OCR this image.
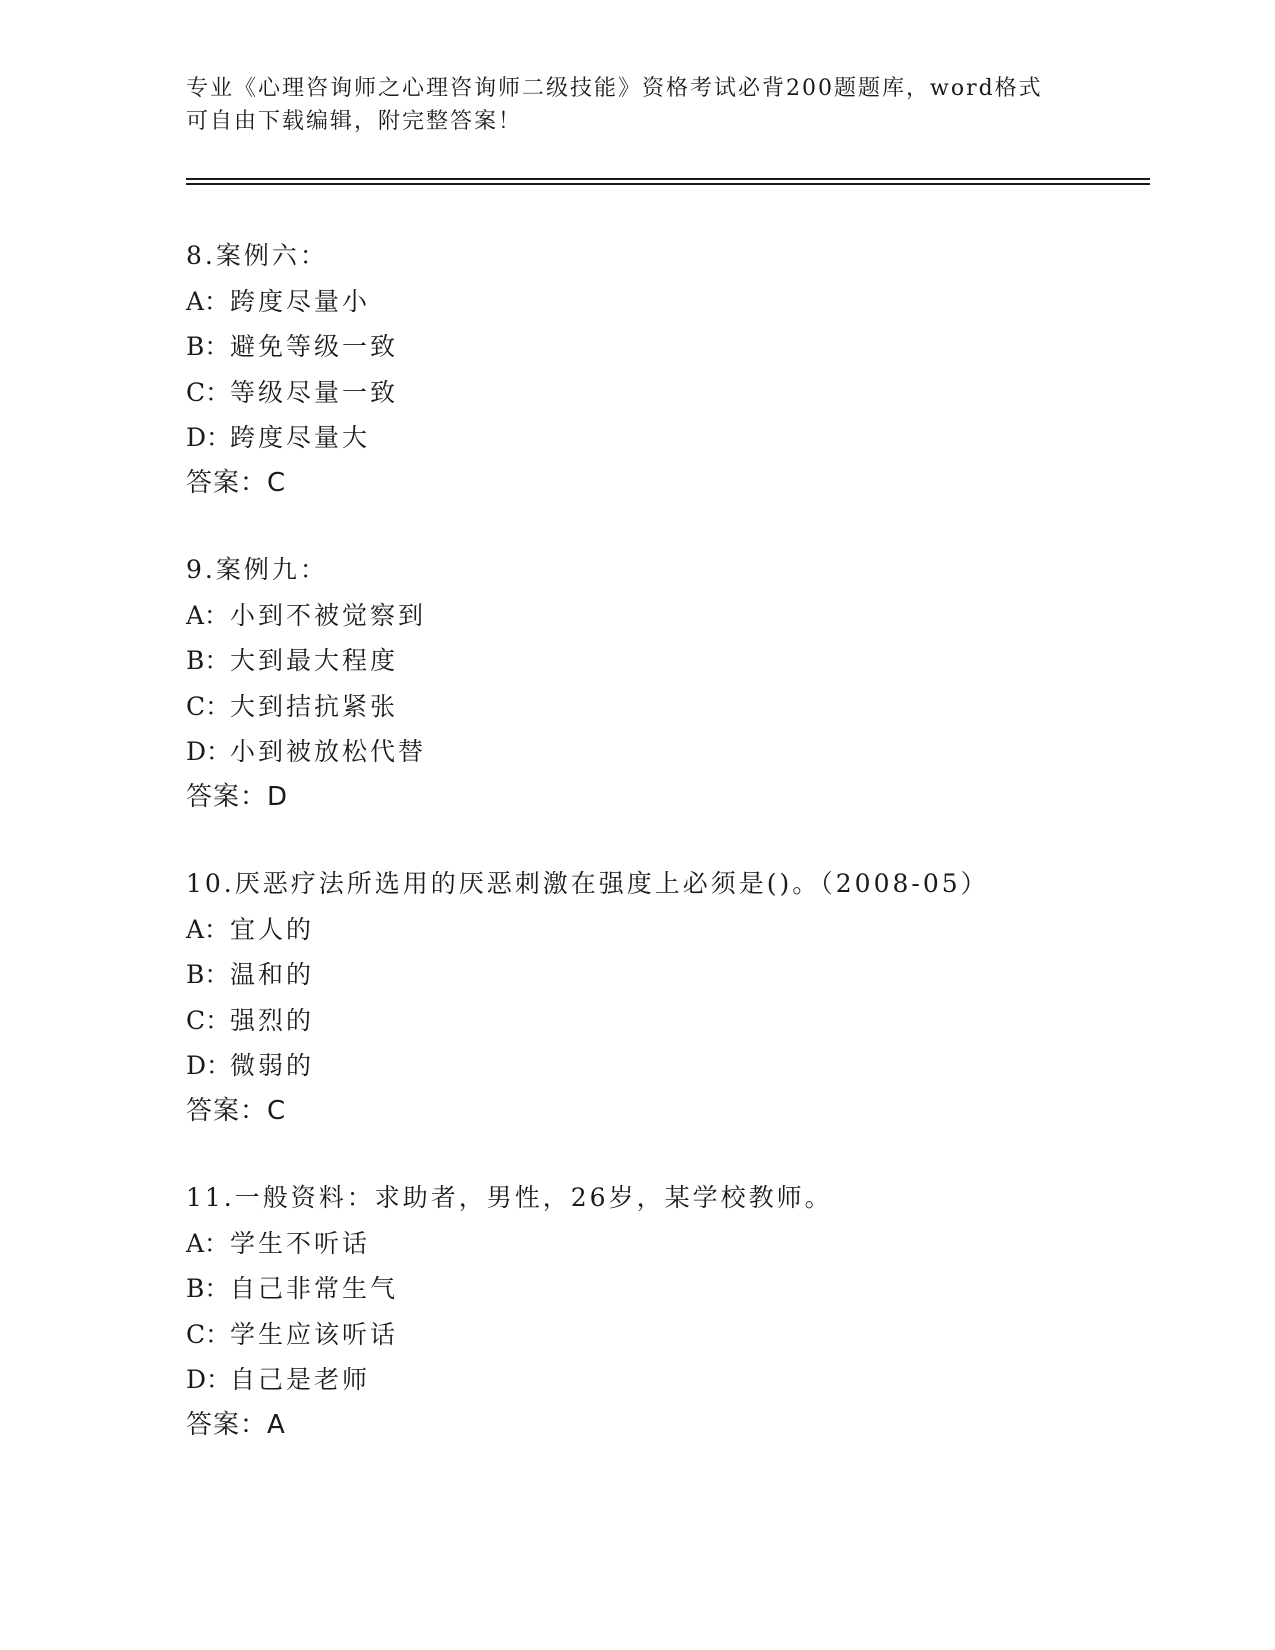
专业《心理咨询师之心理咨询师二级技能》资格考试必背200题题库，word格式

可自由下载编辑，附完整答案！

8.案例六：
A：跨度尽量小
B：避免等级一致
C：等级尽量一致
D：跨度尽量大
答案：C
9.案例九：
A：小到不被觉察到
B：大到最大程度
C：大到拮抗紧张
D：小到被放松代替
答案：D
10.厌恶疗法所选用的厌恶刺激在强度上必须是()。（2008-05）
A：宜人的
B：温和的
C：强烈的
D：微弱的
答案：C
11.一般资料：求助者，男性，26岁，某学校教师。
A：学生不听话
B：自己非常生气
C：学生应该听话
D：自己是老师
答案：A
